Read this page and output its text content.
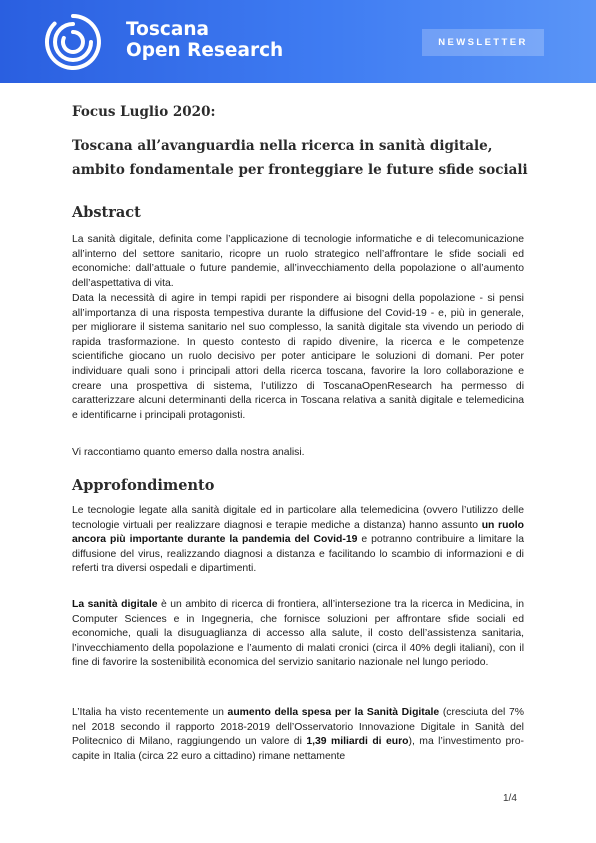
Toscana
Open Research	NEWSLETTER
Focus Luglio 2020:
Toscana all’avanguardia nella ricerca in sanità digitale, ambito fondamentale per fronteggiare le future sfide sociali
Abstract

La sanità digitale, definita come l’applicazione di tecnologie informatiche e di telecomunicazione all’interno del settore sanitario, ricopre un ruolo strategico nell’affrontare le sfide sociali ed economiche: dall’attuale o future pandemie, all’invecchiamento della popolazione o all’aumento dell’aspettativa di vita.

Data la necessità di agire in tempi rapidi per rispondere ai bisogni della popolazione - si pensi all’importanza di una risposta tempestiva durante la diffusione del Covid-19 - e, più in generale, per migliorare il sistema sanitario nel suo complesso, la sanità digitale sta vivendo un periodo di rapida trasformazione. In questo contesto di rapido divenire, la ricerca e le competenze scientifiche giocano un ruolo decisivo per poter anticipare le soluzioni di domani. Per poter individuare quali sono i principali attori della ricerca toscana, favorire la loro collaborazione e creare una prospettiva di sistema, l’utilizzo di ToscanaOpenResearch ha permesso di caratterizzare alcuni determinanti della ricerca in Toscana relativa a sanità digitale e telemedicina e identificarne i principali protagonisti.

Vi raccontiamo quanto emerso dalla nostra analisi.

Approfondimento

Le tecnologie legate alla sanità digitale ed in particolare alla telemedicina (ovvero l’utilizzo delle tecnologie virtuali per realizzare diagnosi e terapie mediche a distanza) hanno assunto un ruolo ancora più importante durante la pandemia del Covid-19 e potranno contribuire a limitare la diffusione del virus, realizzando diagnosi a distanza e facilitando lo scambio di informazioni e di referti tra diversi ospedali e dipartimenti.

La sanità digitale è un ambito di ricerca di frontiera, all’intersezione tra la ricerca in Medicina, in Computer Sciences e in Ingegneria, che fornisce soluzioni per affrontare sfide sociali ed economiche, quali la disuguaglianza di accesso alla salute, il costo dell’assistenza sanitaria, l’invecchiamento della popolazione e l’aumento di malati cronici (circa il 40% degli italiani), con il fine di favorire la sostenibilità economica del servizio sanitario nazionale nel lungo periodo.

L’Italia ha visto recentemente un aumento della spesa per la Sanità Digitale (cresciuta del 7% nel 2018 secondo il rapporto 2018-2019 dell’Osservatorio Innovazione Digitale in Sanità del Politecnico di Milano, raggiungendo un valore di 1,39 miliardi di euro), ma l’investimento pro-capite in Italia (circa 22 euro a cittadino) rimane nettamente

1/4
